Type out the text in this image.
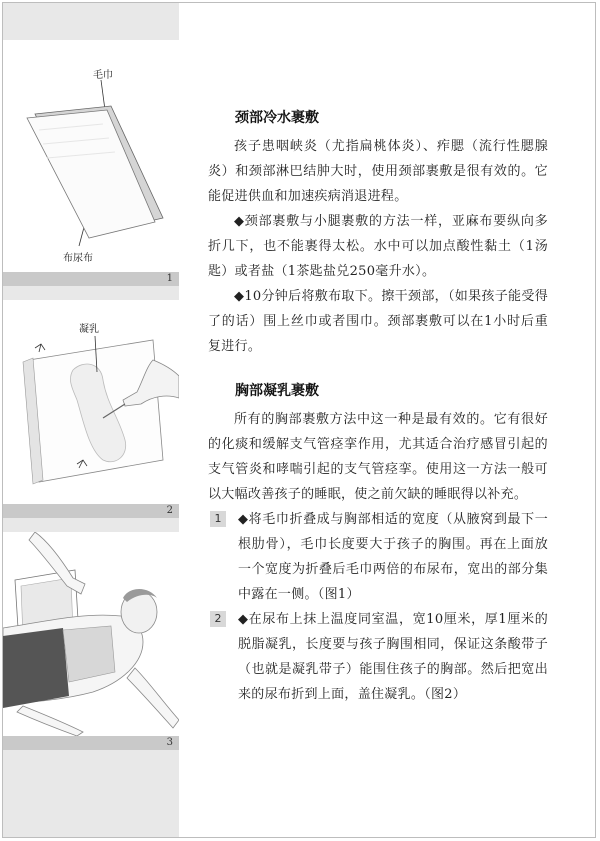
毛巾
布尿布
1
凝乳
2
3
颈部冷水裹敷

孩子患咽峡炎（尤指扁桃体炎）、痄腮（流行性腮腺炎）和颈部淋巴结肿大时，使用颈部裹敷是很有效的。它能促进供血和加速疾病消退进程。

◆颈部裹敷与小腿裹敷的方法一样，亚麻布要纵向多折几下，也不能裹得太松。水中可以加点酸性黏土（1汤匙）或者盐（1茶匙盐兑250毫升水）。

◆10分钟后将敷布取下。擦干颈部，（如果孩子能受得了的话）围上丝巾或者围巾。颈部裹敷可以在1小时后重复进行。

胸部凝乳裹敷

所有的胸部裹敷方法中这一种是最有效的。它有很好的化痰和缓解支气管痉挛作用，尤其适合治疗感冒引起的支气管炎和哮喘引起的支气管痉挛。使用这一方法一般可以大幅改善孩子的睡眠，使之前欠缺的睡眠得以补充。

1	◆将毛巾折叠成与胸部相适的宽度（从腋窝到最下一根肋骨），毛巾长度要大于孩子的胸围。再在上面放一个宽度为折叠后毛巾两倍的布尿布，宽出的部分集中露在一侧。（图1）

2	◆在尿布上抹上温度同室温，宽10厘米，厚1厘米的脱脂凝乳，长度要与孩子胸围相同，保证这条酸带子（也就是凝乳带子）能围住孩子的胸部。然后把宽出来的尿布折到上面，盖住凝乳。（图2）
